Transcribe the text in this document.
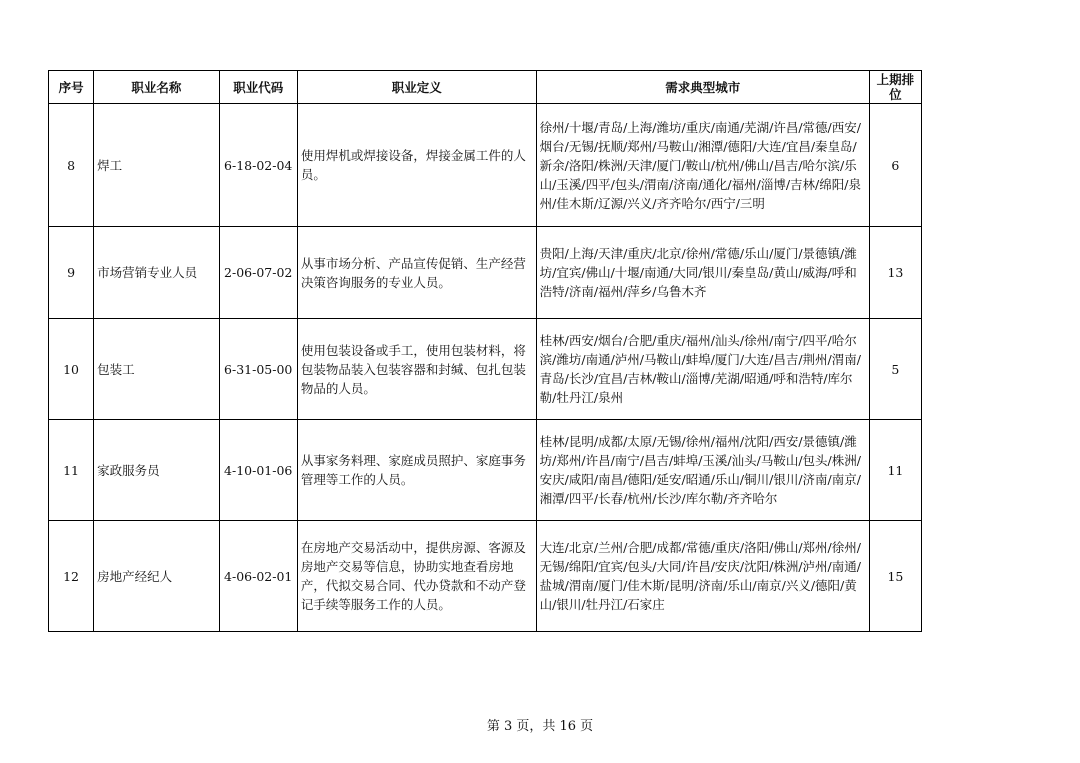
序号	职业名称	职业代码	职业定义	需求典型城市	上期排位
8	焊工	6-18-02-04	使用焊机或焊接设备，焊接金属工件的人员。	徐州/十堰/青岛/上海/潍坊/重庆/南通/芜湖/许昌/常德/西安/烟台/无锡/抚顺/郑州/马鞍山/湘潭/德阳/大连/宜昌/秦皇岛/新余/洛阳/株洲/天津/厦门/鞍山/杭州/佛山/昌吉/哈尔滨/乐山/玉溪/四平/包头/渭南/济南/通化/福州/淄博/吉林/绵阳/泉州/佳木斯/辽源/兴义/齐齐哈尔/西宁/三明	6
9	市场营销专业人员	2-06-07-02	从事市场分析、产品宣传促销、生产经营决策咨询服务的专业人员。	贵阳/上海/天津/重庆/北京/徐州/常德/乐山/厦门/景德镇/潍坊/宜宾/佛山/十堰/南通/大同/银川/秦皇岛/黄山/威海/呼和浩特/济南/福州/萍乡/乌鲁木齐	13
10	包装工	6-31-05-00	使用包装设备或手工，使用包装材料，将包装物品装入包装容器和封缄、包扎包装物品的人员。	桂林/西安/烟台/合肥/重庆/福州/汕头/徐州/南宁/四平/哈尔滨/潍坊/南通/泸州/马鞍山/蚌埠/厦门/大连/昌吉/荆州/渭南/青岛/长沙/宜昌/吉林/鞍山/淄博/芜湖/昭通/呼和浩特/库尔勒/牡丹江/泉州	5
11	家政服务员	4-10-01-06	从事家务料理、家庭成员照护、家庭事务管理等工作的人员。	桂林/昆明/成都/太原/无锡/徐州/福州/沈阳/西安/景德镇/潍坊/郑州/许昌/南宁/昌吉/蚌埠/玉溪/汕头/马鞍山/包头/株洲/安庆/咸阳/南昌/德阳/延安/昭通/乐山/铜川/银川/济南/南京/湘潭/四平/长春/杭州/长沙/库尔勒/齐齐哈尔	11
12	房地产经纪人	4-06-02-01	在房地产交易活动中，提供房源、客源及房地产交易等信息，协助实地查看房地产，代拟交易合同、代办贷款和不动产登记手续等服务工作的人员。	大连/北京/兰州/合肥/成都/常德/重庆/洛阳/佛山/郑州/徐州/无锡/绵阳/宜宾/包头/大同/许昌/安庆/沈阳/株洲/泸州/南通/盐城/渭南/厦门/佳木斯/昆明/济南/乐山/南京/兴义/德阳/黄山/银川/牡丹江/石家庄	15
第 3 页，共 16 页
